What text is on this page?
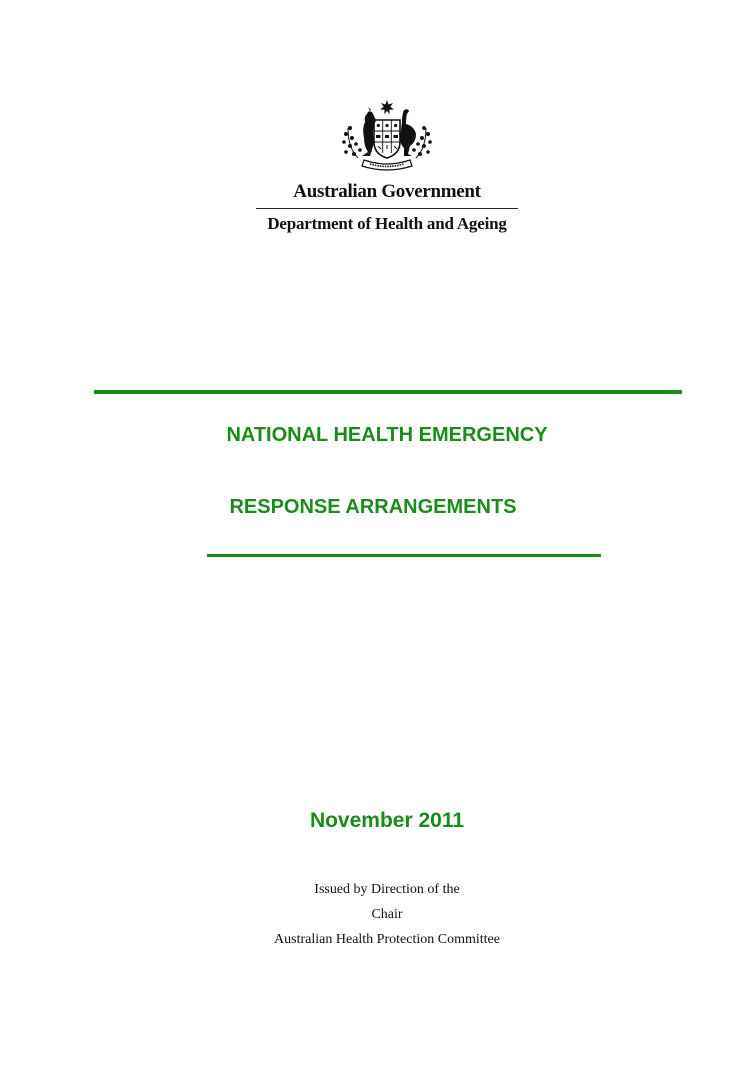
Australian Government
Department of Health and Ageing
NATIONAL HEALTH EMERGENCY
RESPONSE ARRANGEMENTS
November 2011
Issued by Direction of the
Chair
Australian Health Protection Committee
